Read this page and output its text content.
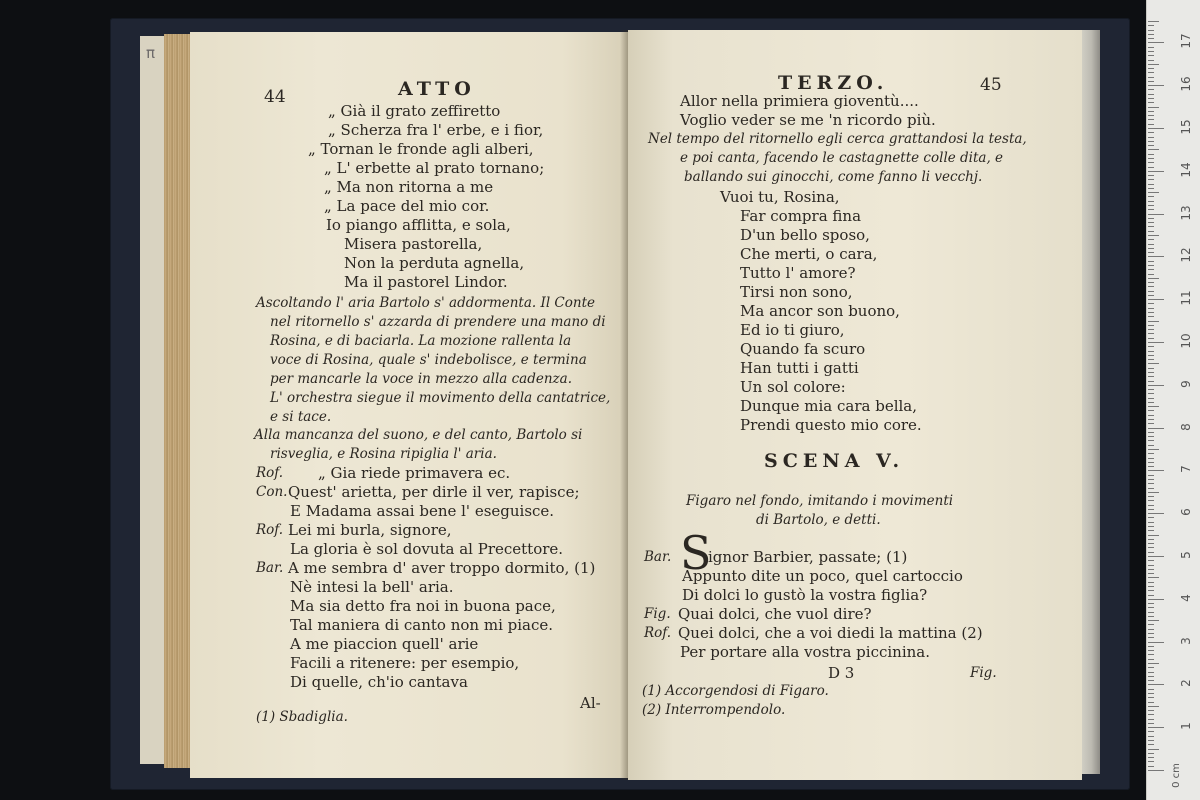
π
44	ATTO
„ Già il grato zeffiretto
„ Scherza fra l' erbe, e i fior,
„ Tornan le fronde agli alberi,
„ L' erbette al prato tornano;
„ Ma non ritorna a me
„ La pace del mio cor.
Io piango afflitta, e sola,
Misera pastorella,
Non la perduta agnella,
Ma il pastorel Lindor.
Ascoltando l' aria Bartolo s' addormenta. Il Conte
nel ritornello s' azzarda di prendere una mano di
Rosina, e di baciarla. La mozione rallenta la
voce di Rosina, quale s' indebolisce, e termina
per mancarle la voce in mezzo alla cadenza.
L' orchestra siegue il movimento della cantatrice,
e si tace.
Alla mancanza del suono, e del canto, Bartolo si
risveglia, e Rosina ripiglia l' aria.
Rof. „ Gia riede primavera ec.
Con. Quest' arietta, per dirle il ver, rapisce;
E Madama assai bene l' eseguisce.
Rof. Lei mi burla, signore,
La gloria è sol dovuta al Precettore.
Bar. A me sembra d' aver troppo dormito, (1)
Nè intesi la bell' aria.
Ma sia detto fra noi in buona pace,
Tal maniera di canto non mi piace.
A me piaccion quell' arie
Facili a ritenere: per esempio,
Di quelle, ch'io cantava
Al-
(1) Sbadiglia.
TERZO.	45
Allor nella primiera gioventù....
Voglio veder se me 'n ricordo più.
Nel tempo del ritornello egli cerca grattandosi la testa,
e poi canta, facendo le castagnette colle dita, e
ballando sui ginocchi, come fanno li vecchj.
Vuoi tu, Rosina,
Far compra fina
D'un bello sposo,
Che merti, o cara,
Tutto l' amore?
Tirsi non sono,
Ma ancor son buono,
Ed io ti giuro,
Quando fa scuro
Han tutti i gatti
Un sol colore:
Dunque mia cara bella,
Prendi questo mio core.
SCENA V.
Figaro nel fondo, imitando i movimenti
di Bartolo, e detti.
Bar. S
ignor Barbier, passate; (1)
Appunto dite un poco, quel cartoccio
Di dolci lo gustò la vostra figlia?
Fig. Quai dolci, che vuol dire?
Rof. Quei dolci, che a voi diedi la mattina (2)
Per portare alla vostra piccinina.
D 3	Fig.
(1) Accorgendosi di Figaro.
(2) Interrompendolo.
1
2
3
4
5
6
7
8
9
10
11
12
13
14
15
16
17
0 cm
